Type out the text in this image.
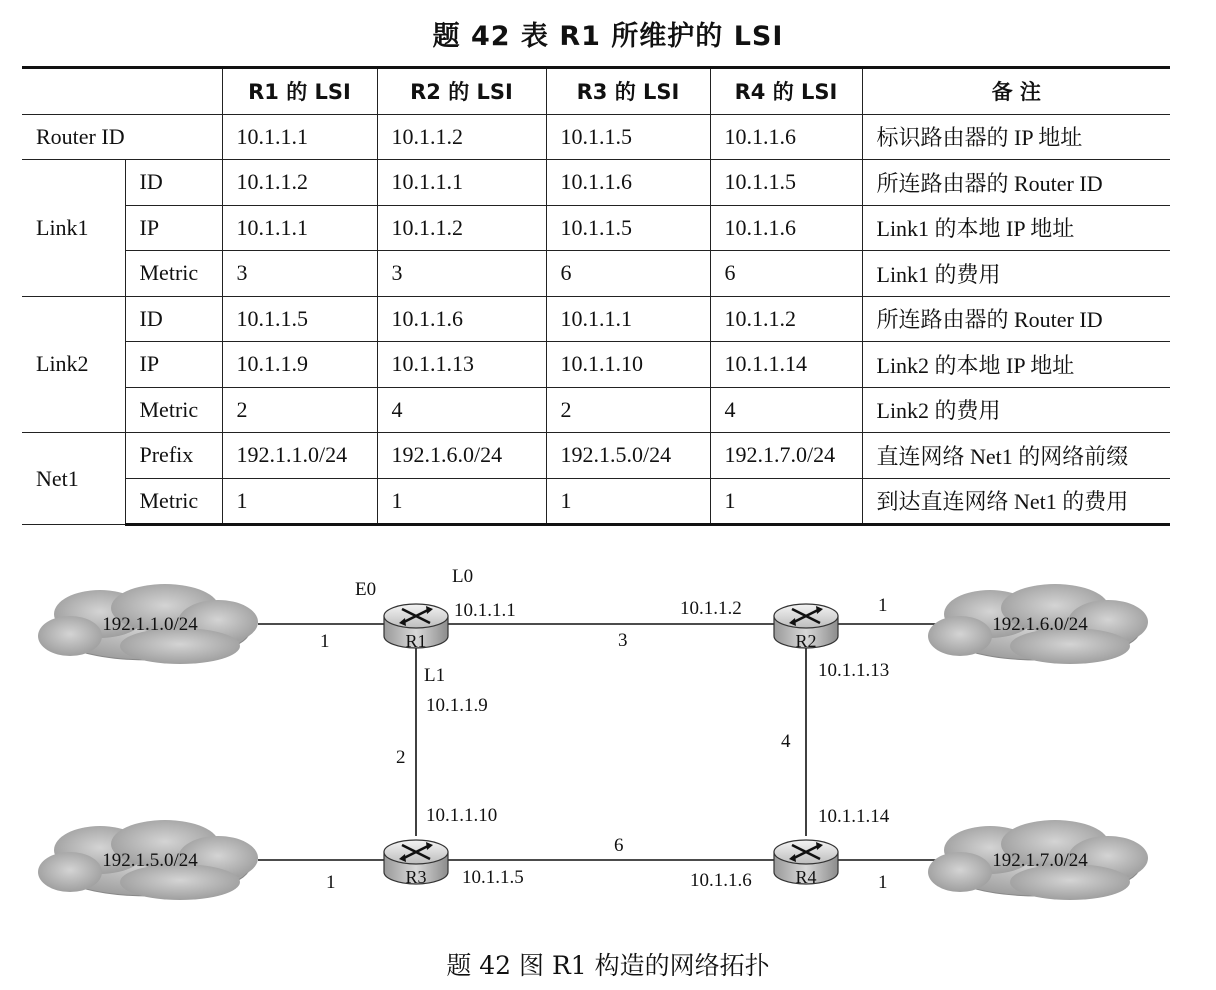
题 42 表 R1 所维护的 LSI
		R1 的 LSI	R2 的 LSI	R3 的 LSI	R4 的 LSI	备 注
Router ID		10.1.1.1	10.1.1.2	10.1.1.5	10.1.1.6	标识路由器的 IP 地址
Link1	ID	10.1.1.2	10.1.1.1	10.1.1.6	10.1.1.5	所连路由器的 Router ID
	IP	10.1.1.1	10.1.1.2	10.1.1.5	10.1.1.6	Link1 的本地 IP 地址
	Metric	3	3	6	6	Link1 的费用
Link2	ID	10.1.1.5	10.1.1.6	10.1.1.1	10.1.1.2	所连路由器的 Router ID
	IP	10.1.1.9	10.1.1.13	10.1.1.10	10.1.1.14	Link2 的本地 IP 地址
	Metric	2	4	2	4	Link2 的费用
Net1	Prefix	192.1.1.0/24	192.1.6.0/24	192.1.5.0/24	192.1.7.0/24	直连网络 Net1 的网络前缀
	Metric	1	1	1	1	到达直连网络 Net1 的费用
192.1.1.0/24	192.1.6.0/24
192.1.5.0/24	192.1.7.0/24
R1	R2
R3	R4
E0
L0
L1
10.1.1.1	10.1.1.2
10.1.1.9
10.1.1.10
10.1.1.13
10.1.1.14
10.1.1.5	10.1.1.6
1	3
1
2
4
6
1	1
题 42 图 R1 构造的网络拓扑
